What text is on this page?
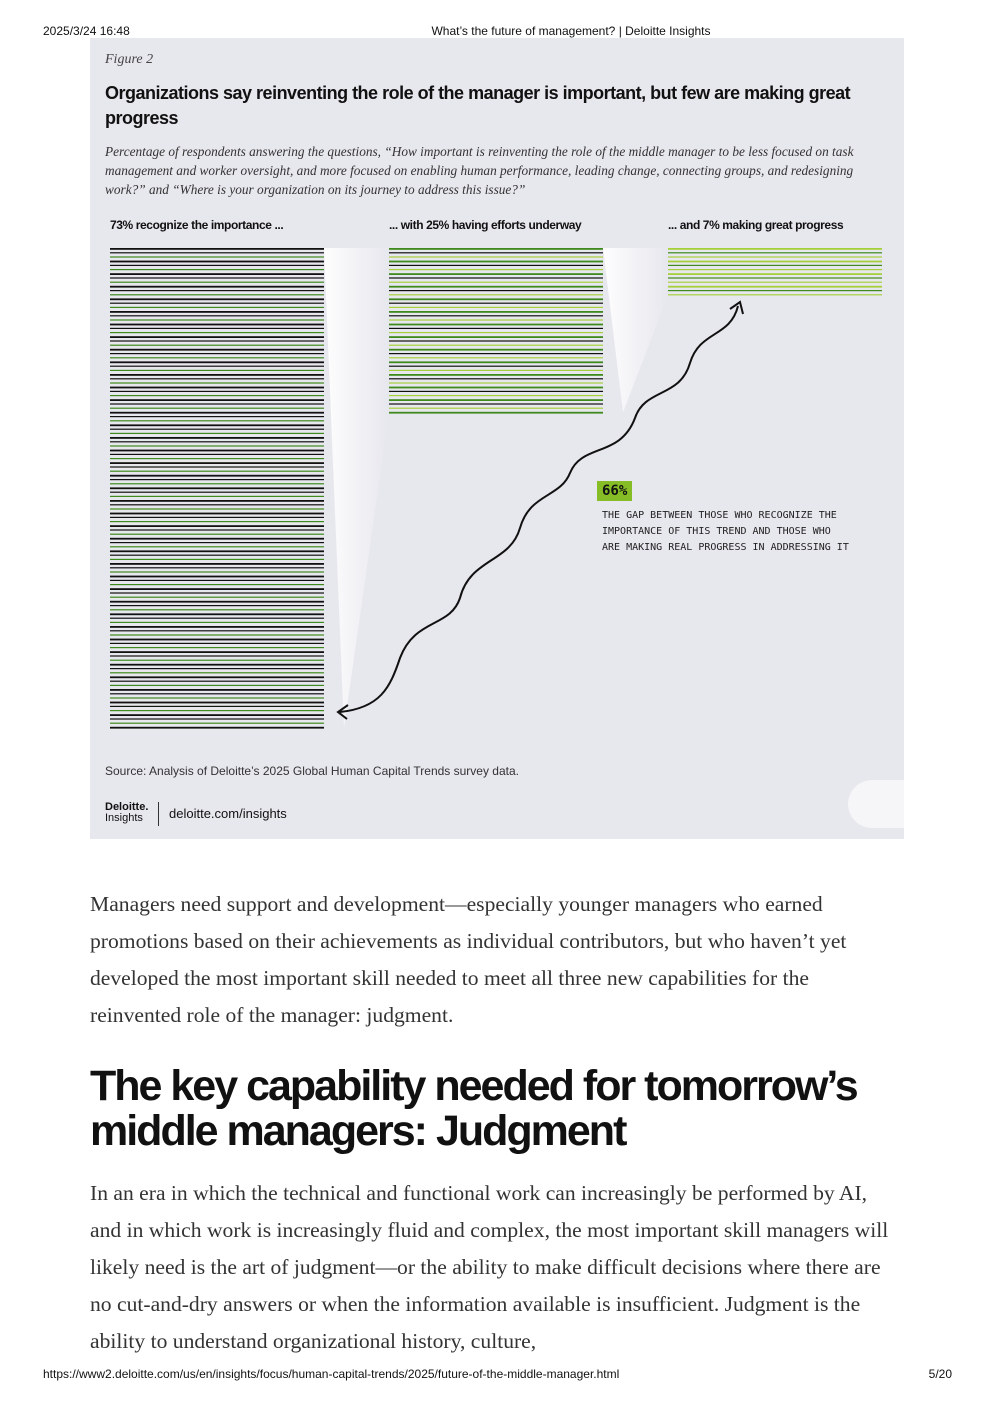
2025/3/24 16:48	What’s the future of management? | Deloitte Insights
Figure 2
Organizations say reinventing the role of the manager is important, but few are making great progress
Percentage of respondents answering the questions, “How important is reinventing the role of the middle manager to be less focused on task management and worker oversight, and more focused on enabling human performance, leading change, connecting groups, and redesigning work?” and “Where is your organization on its journey to address this issue?”
73% recognize the importance ...	... with 25% having efforts underway	... and 7% making great progress
66%
THE GAP BETWEEN THOSE WHO RECOGNIZE THE IMPORTANCE OF THIS TREND AND THOSE WHO ARE MAKING REAL PROGRESS IN ADDRESSING IT
Source: Analysis of Deloitte’s 2025 Global Human Capital Trends survey data.
Deloitte.
Insights	deloitte.com/insights
Managers need support and development—especially younger managers who earned promotions based on their achievements as individual contributors, but who haven’t yet developed the most important skill needed to meet all three new capabilities for the reinvented role of the manager: judgment.
The key capability needed for tomorrow’s middle managers: Judgment
In an era in which the technical and functional work can increasingly be performed by AI, and in which work is increasingly fluid and complex, the most important skill managers will likely need is the art of judgment—or the ability to make difficult decisions where there are no cut-and-dry answers or when the information available is insufficient. Judgment is the ability to understand organizational history, culture,
https://www2.deloitte.com/us/en/insights/focus/human-capital-trends/2025/future-of-the-middle-manager.html	5/20
